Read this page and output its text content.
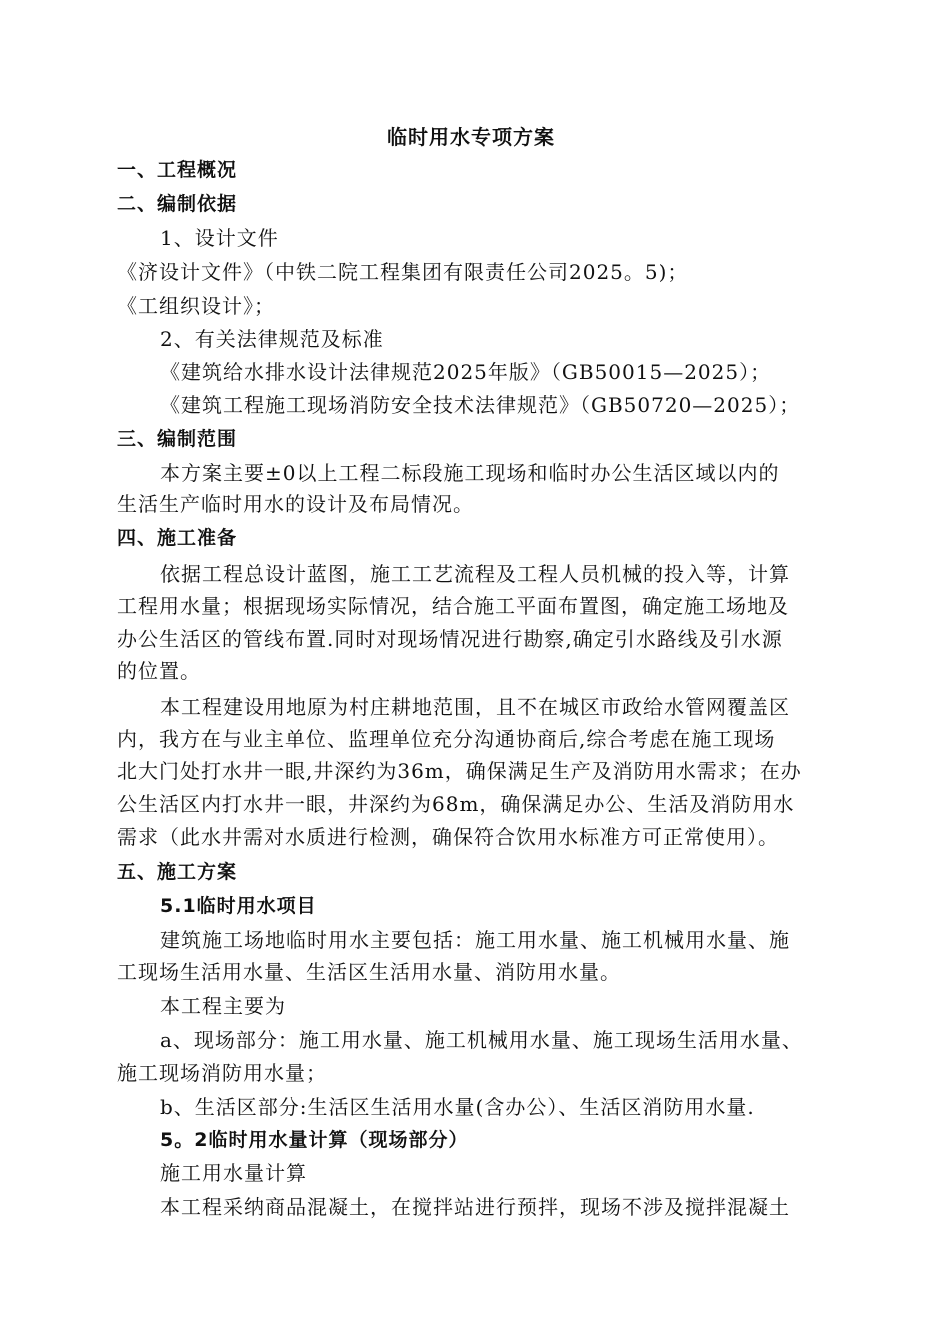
临时用水专项方案
一、工程概况
二、编制依据
1、设计文件
《济设计文件》（中铁二院工程集团有限责任公司2025。5)；
《工组织设计》；
2、有关法律规范及标准
《建筑给水排水设计法律规范2025年版》（GB50015—2025）；
《建筑工程施工现场消防安全技术法律规范》（GB50720—2025）；
三、编制范围
本方案主要±0以上工程二标段施工现场和临时办公生活区域以内的
生活生产临时用水的设计及布局情况。
四、施工准备
依据工程总设计蓝图，施工工艺流程及工程人员机械的投入等，计算
工程用水量；根据现场实际情况，结合施工平面布置图，确定施工场地及
办公生活区的管线布置.同时对现场情况进行勘察,确定引水路线及引水源
的位置。
本工程建设用地原为村庄耕地范围，且不在城区市政给水管网覆盖区
内，我方在与业主单位、监理单位充分沟通协商后,综合考虑在施工现场
北大门处打水井一眼,井深约为36m，确保满足生产及消防用水需求；在办
公生活区内打水井一眼，井深约为68m，确保满足办公、生活及消防用水
需求（此水井需对水质进行检测，确保符合饮用水标准方可正常使用）。
五、施工方案
5.1临时用水项目
建筑施工场地临时用水主要包括：施工用水量、施工机械用水量、施
工现场生活用水量、生活区生活用水量、消防用水量。
本工程主要为
a、现场部分：施工用水量、施工机械用水量、施工现场生活用水量、
施工现场消防用水量；
b、生活区部分:生活区生活用水量(含办公）、生活区消防用水量.
5。2临时用水量计算（现场部分）
施工用水量计算
本工程采纳商品混凝土，在搅拌站进行预拌，现场不涉及搅拌混凝土
